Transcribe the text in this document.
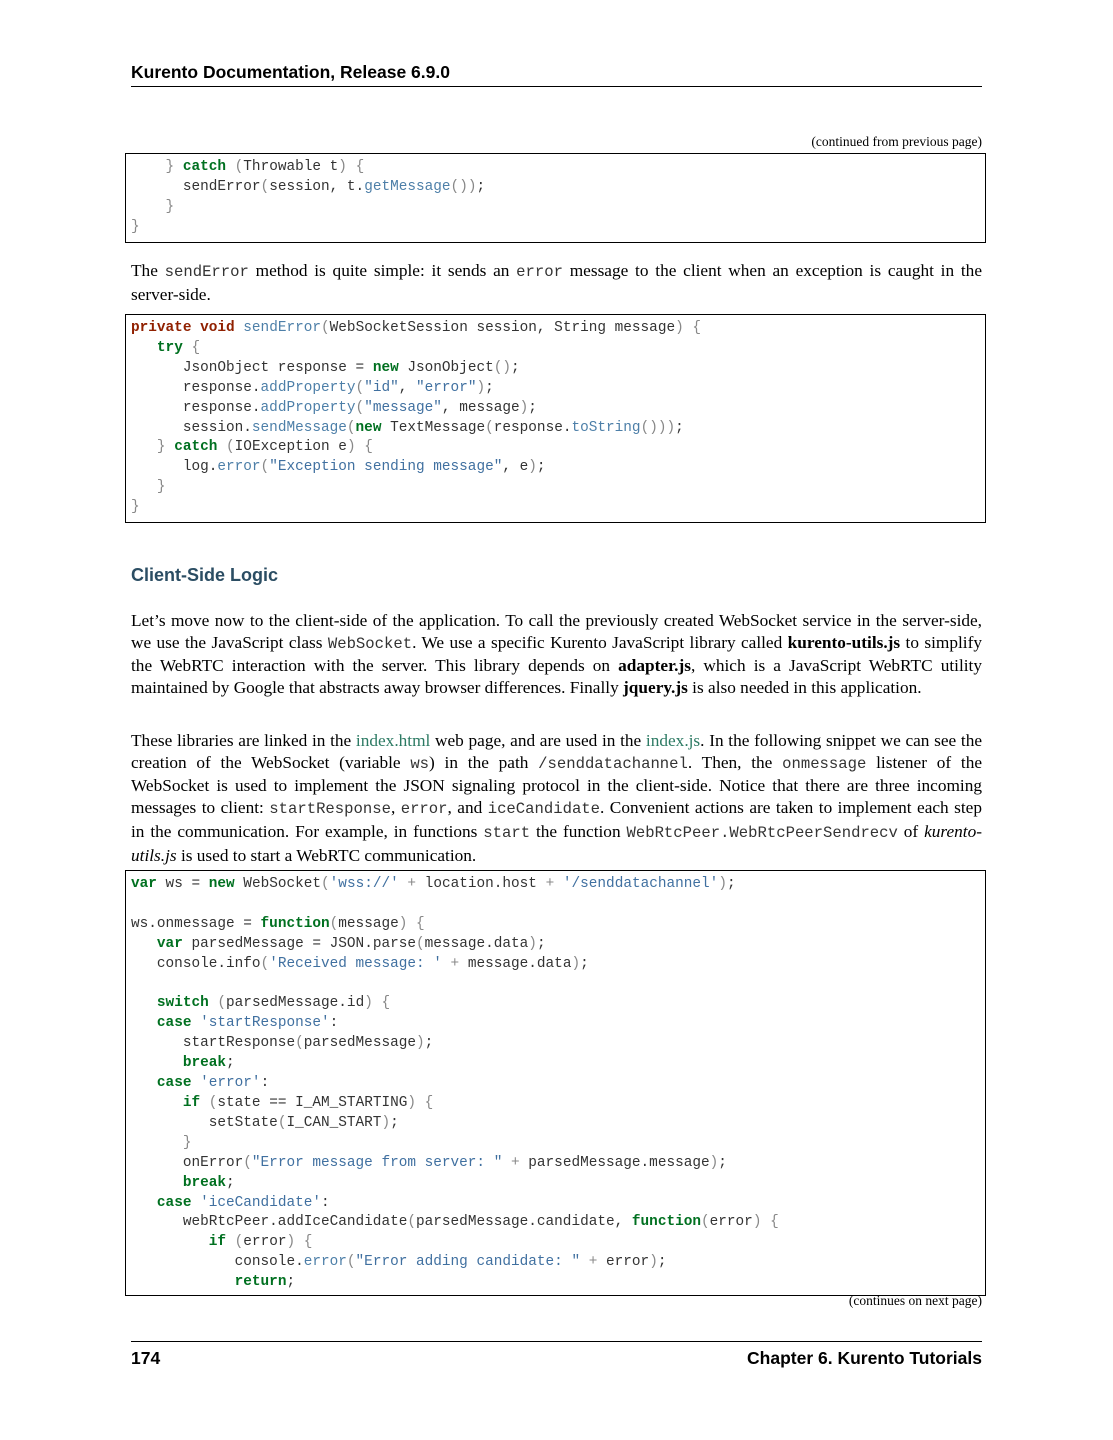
Kurento Documentation, Release 6.9.0
(continued from previous page)
} catch (Throwable t) {
sendError(session, t.getMessage());
}
}

The sendError method is quite simple: it sends an error message to the client when an exception is caught in the server-side.

private void sendError(WebSocketSession session, String message) {
try {
JsonObject response = new JsonObject();
response.addProperty("id", "error");
response.addProperty("message", message);
session.sendMessage(new TextMessage(response.toString()));
} catch (IOException e) {
log.error("Exception sending message", e);
}
}
Client-Side Logic

Let’s move now to the client-side of the application. To call the previously created WebSocket service in the server-side, we use the JavaScript class WebSocket. We use a specific Kurento JavaScript library called kurento-utils.js to simplify the WebRTC interaction with the server. This library depends on adapter.js, which is a JavaScript WebRTC utility maintained by Google that abstracts away browser differences. Finally jquery.js is also needed in this application.

These libraries are linked in the index.html web page, and are used in the index.js. In the following snippet we can see the creation of the WebSocket (variable ws) in the path /senddatachannel. Then, the onmessage listener of the WebSocket is used to implement the JSON signaling protocol in the client-side. Notice that there are three incoming messages to client: startResponse, error, and iceCandidate. Convenient actions are taken to implement each step in the communication. For example, in functions start the function WebRtcPeer.WebRtcPeerSendrecv of kurento-utils.js is used to start a WebRTC communication.

var ws = new WebSocket('wss://' + location.host + '/senddatachannel');

ws.onmessage = function(message) {
var parsedMessage = JSON.parse(message.data);
console.info('Received message: ' + message.data);

switch (parsedMessage.id) {
case 'startResponse':
startResponse(parsedMessage);
break;
case 'error':
if (state == I_AM_STARTING) {
setState(I_CAN_START);
}
onError("Error message from server: " + parsedMessage.message);
break;
case 'iceCandidate':
webRtcPeer.addIceCandidate(parsedMessage.candidate, function(error) {
if (error) {
console.error("Error adding candidate: " + error);
return;
(continues on next page)
174	Chapter 6. Kurento Tutorials
